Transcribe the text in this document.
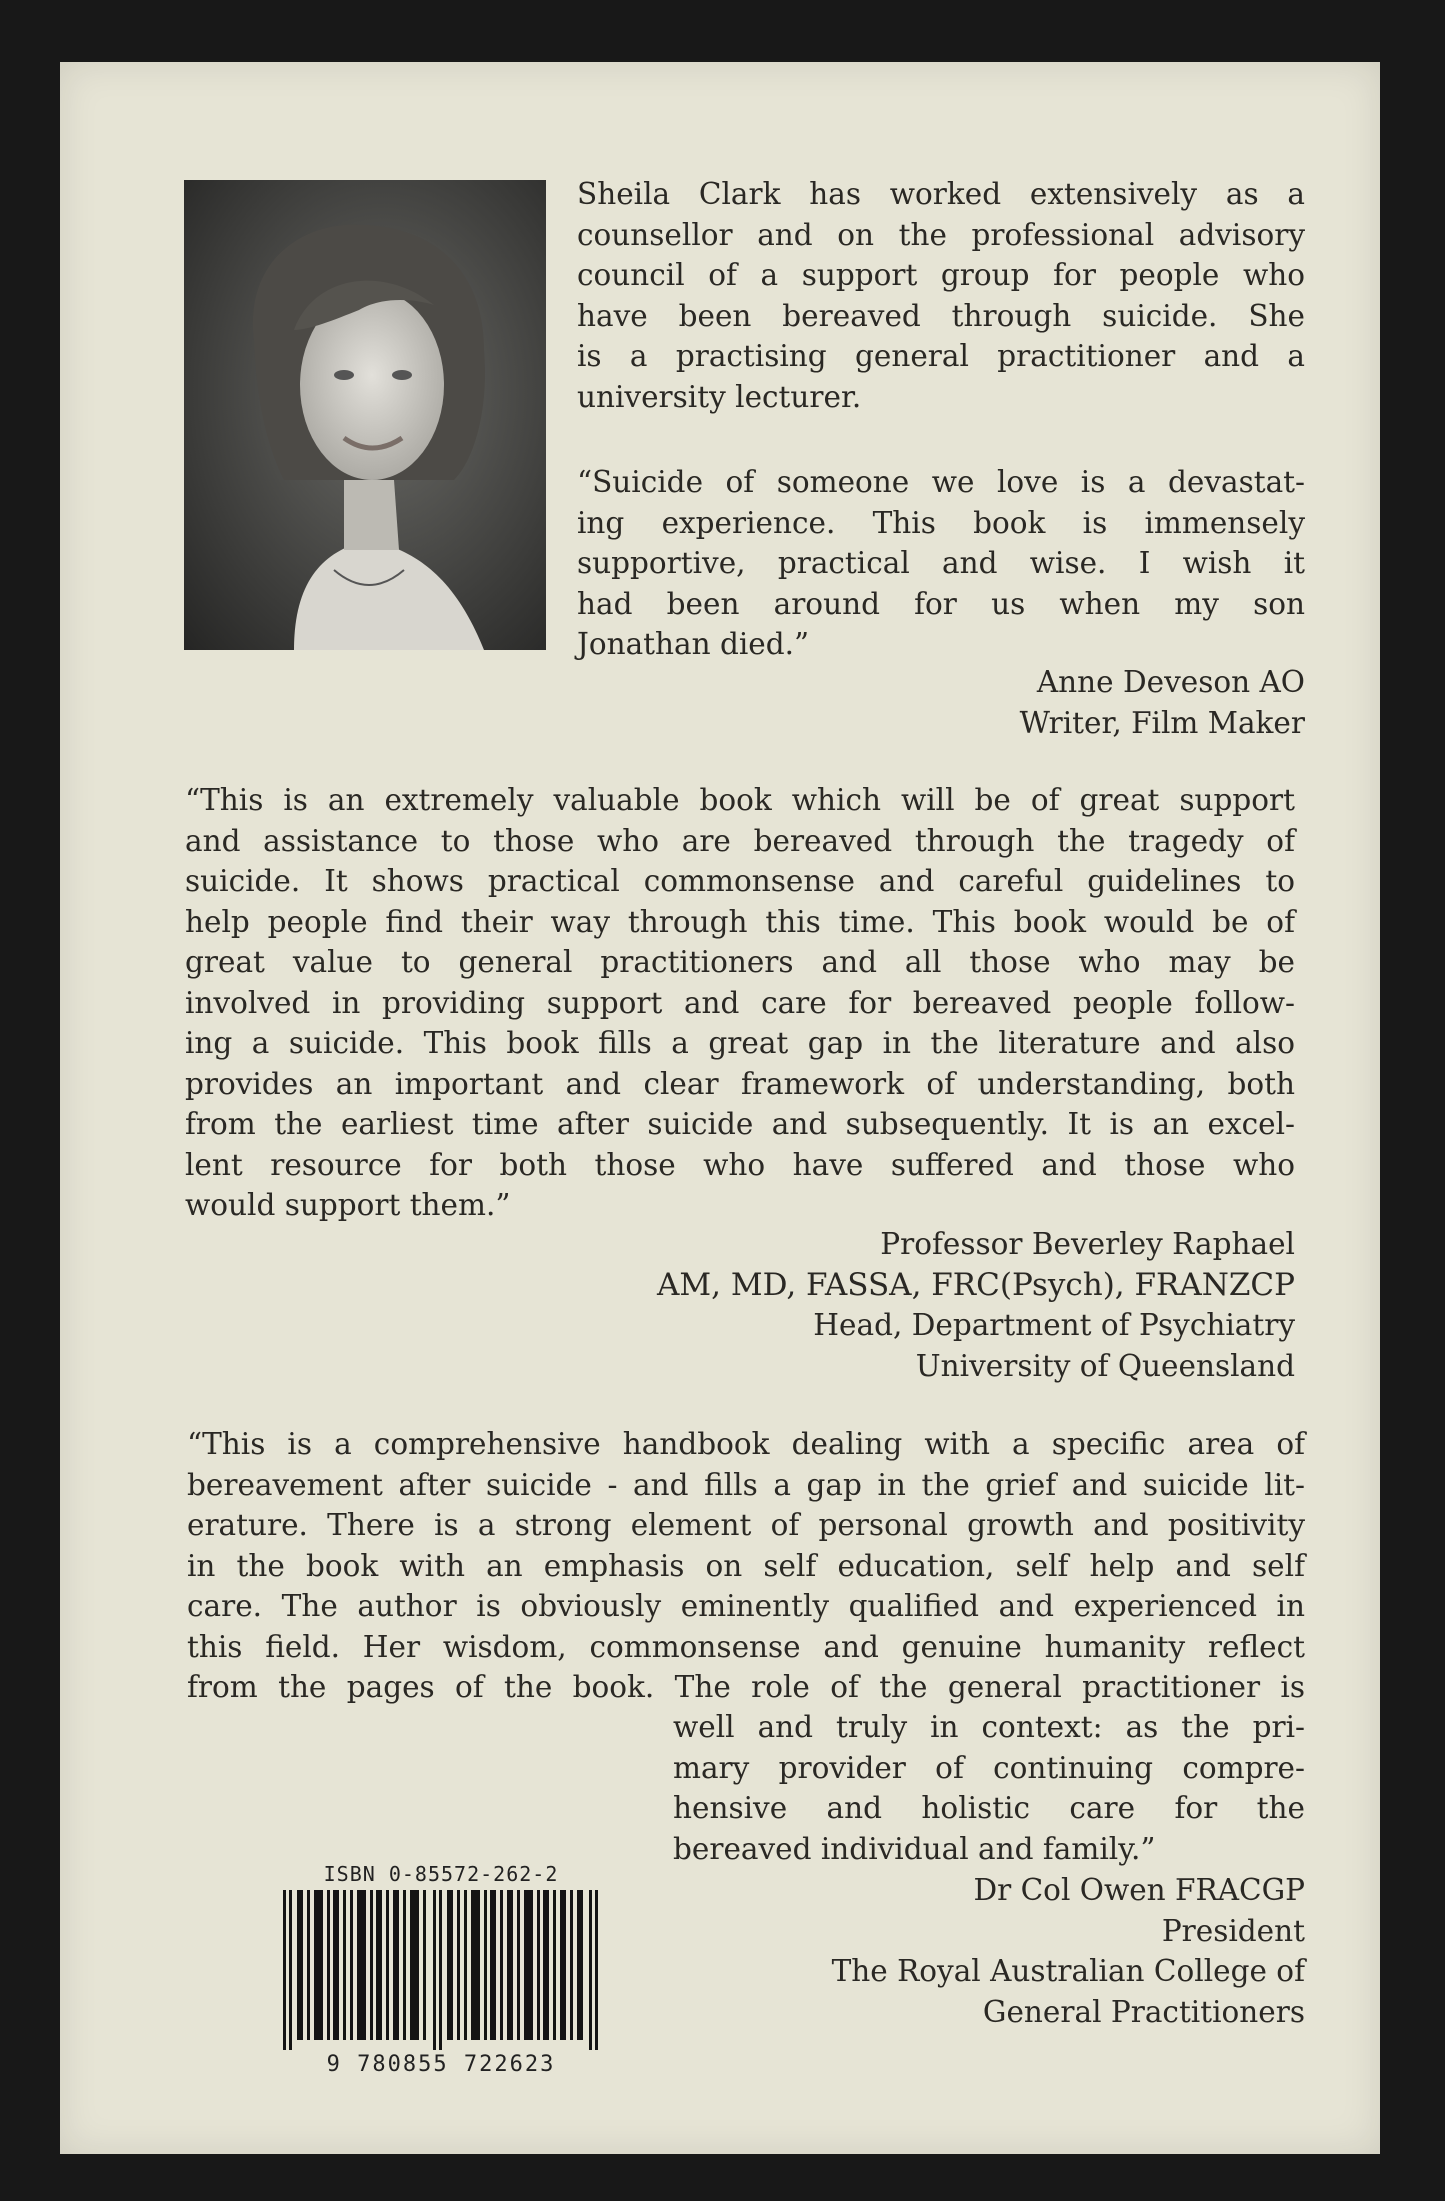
Sheila Clark has worked extensively as a
counsellor and on the professional advisory
council of a support group for people who
have been bereaved through suicide. She
is a practising general practitioner and a
university lecturer.

“Suicide of someone we love is a devastat-
ing experience. This book is immensely
supportive, practical and wise. I wish it
had been around for us when my son
Jonathan died.”

Anne Deveson AO
Writer, Film Maker

“This is an extremely valuable book which will be of great support
and assistance to those who are bereaved through the tragedy of
suicide. It shows practical commonsense and careful guidelines to
help people find their way through this time. This book would be of
great value to general practitioners and all those who may be
involved in providing support and care for bereaved people follow-
ing a suicide. This book fills a great gap in the literature and also
provides an important and clear framework of understanding, both
from the earliest time after suicide and subsequently. It is an excel-
lent resource for both those who have suffered and those who
would support them.”

Professor Beverley Raphael
AM, MD, FASSA, FRC(Psych), FRANZCP
Head, Department of Psychiatry
University of Queensland

“This is a comprehensive handbook dealing with a specific area of
bereavement after suicide - and fills a gap in the grief and suicide lit-
erature. There is a strong element of personal growth and positivity
in the book with an emphasis on self education, self help and self
care. The author is obviously eminently qualified and experienced in
this field. Her wisdom, commonsense and genuine humanity reflect
from the pages of the book. The role of the general practitioner is

well and truly in context: as the pri-
mary provider of continuing compre-
hensive and holistic care for the
bereaved individual and family.”

Dr Col Owen FRACGP
President
The Royal Australian College of
General Practitioners
ISBN 0-85572-262-2
9 780855 722623
